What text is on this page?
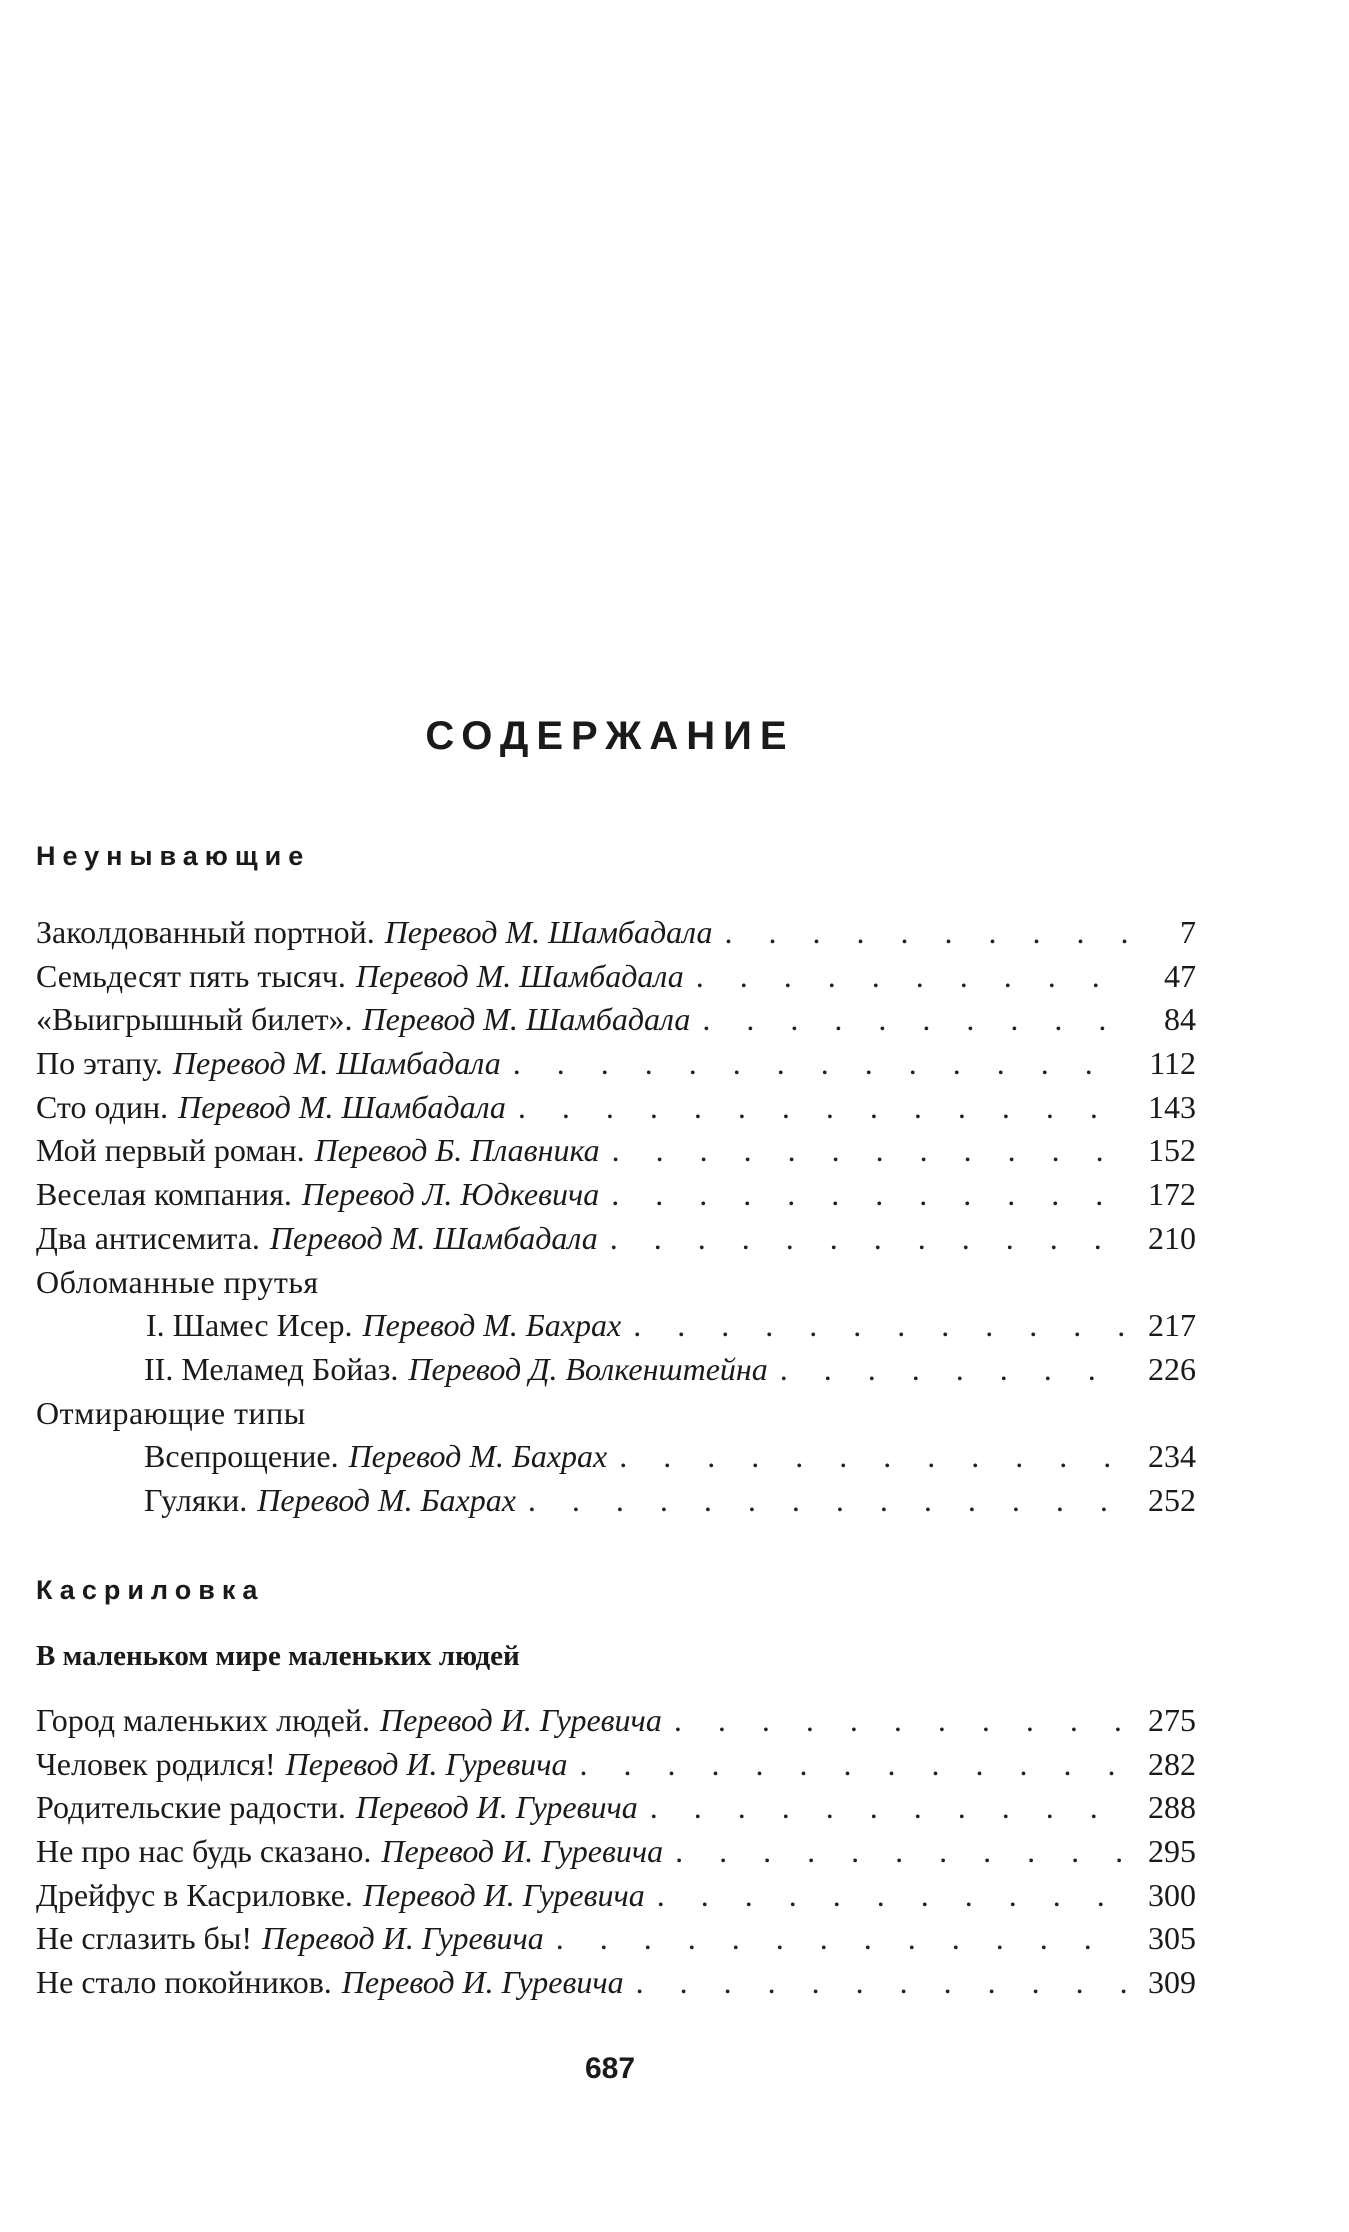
СОДЕРЖАНИЕ
Неунывающие
Заколдованный портной. Перевод М. Шамбадала . . .	7
Семьдесят пять тысяч. Перевод М. Шамбадала . . .	47
«Выигрышный билет». Перевод М. Шамбадала . . .	84
По этапу. Перевод М. Шамбадала . . .	112
Сто один. Перевод М. Шамбадала . . .	143
Мой первый роман. Перевод Б. Плавника . . .	152
Веселая компания. Перевод Л. Юдкевича . . .	172
Два антисемита. Перевод М. Шамбадала . . .	210
Обломанные прутья
I. Шамес Исер. Перевод М. Бахрах . . .	217
II. Меламед Бойаз. Перевод Д. Волкенштейна . . .	226
Отмирающие типы
Всепрощение. Перевод М. Бахрах . . .	234
Гуляки. Перевод М. Бахрах . . .	252
Касриловка
В маленьком мире маленьких людей
Город маленьких людей. Перевод И. Гуревича . . .	275
Человек родился! Перевод И. Гуревича . . .	282
Родительские радости. Перевод И. Гуревича . . .	288
Не про нас будь сказано. Перевод И. Гуревича . . .	295
Дрейфус в Касриловке. Перевод И. Гуревича . . .	300
Не сглазить бы! Перевод И. Гуревича . . .	305
Не стало покойников. Перевод И. Гуревича . . .	309
687
